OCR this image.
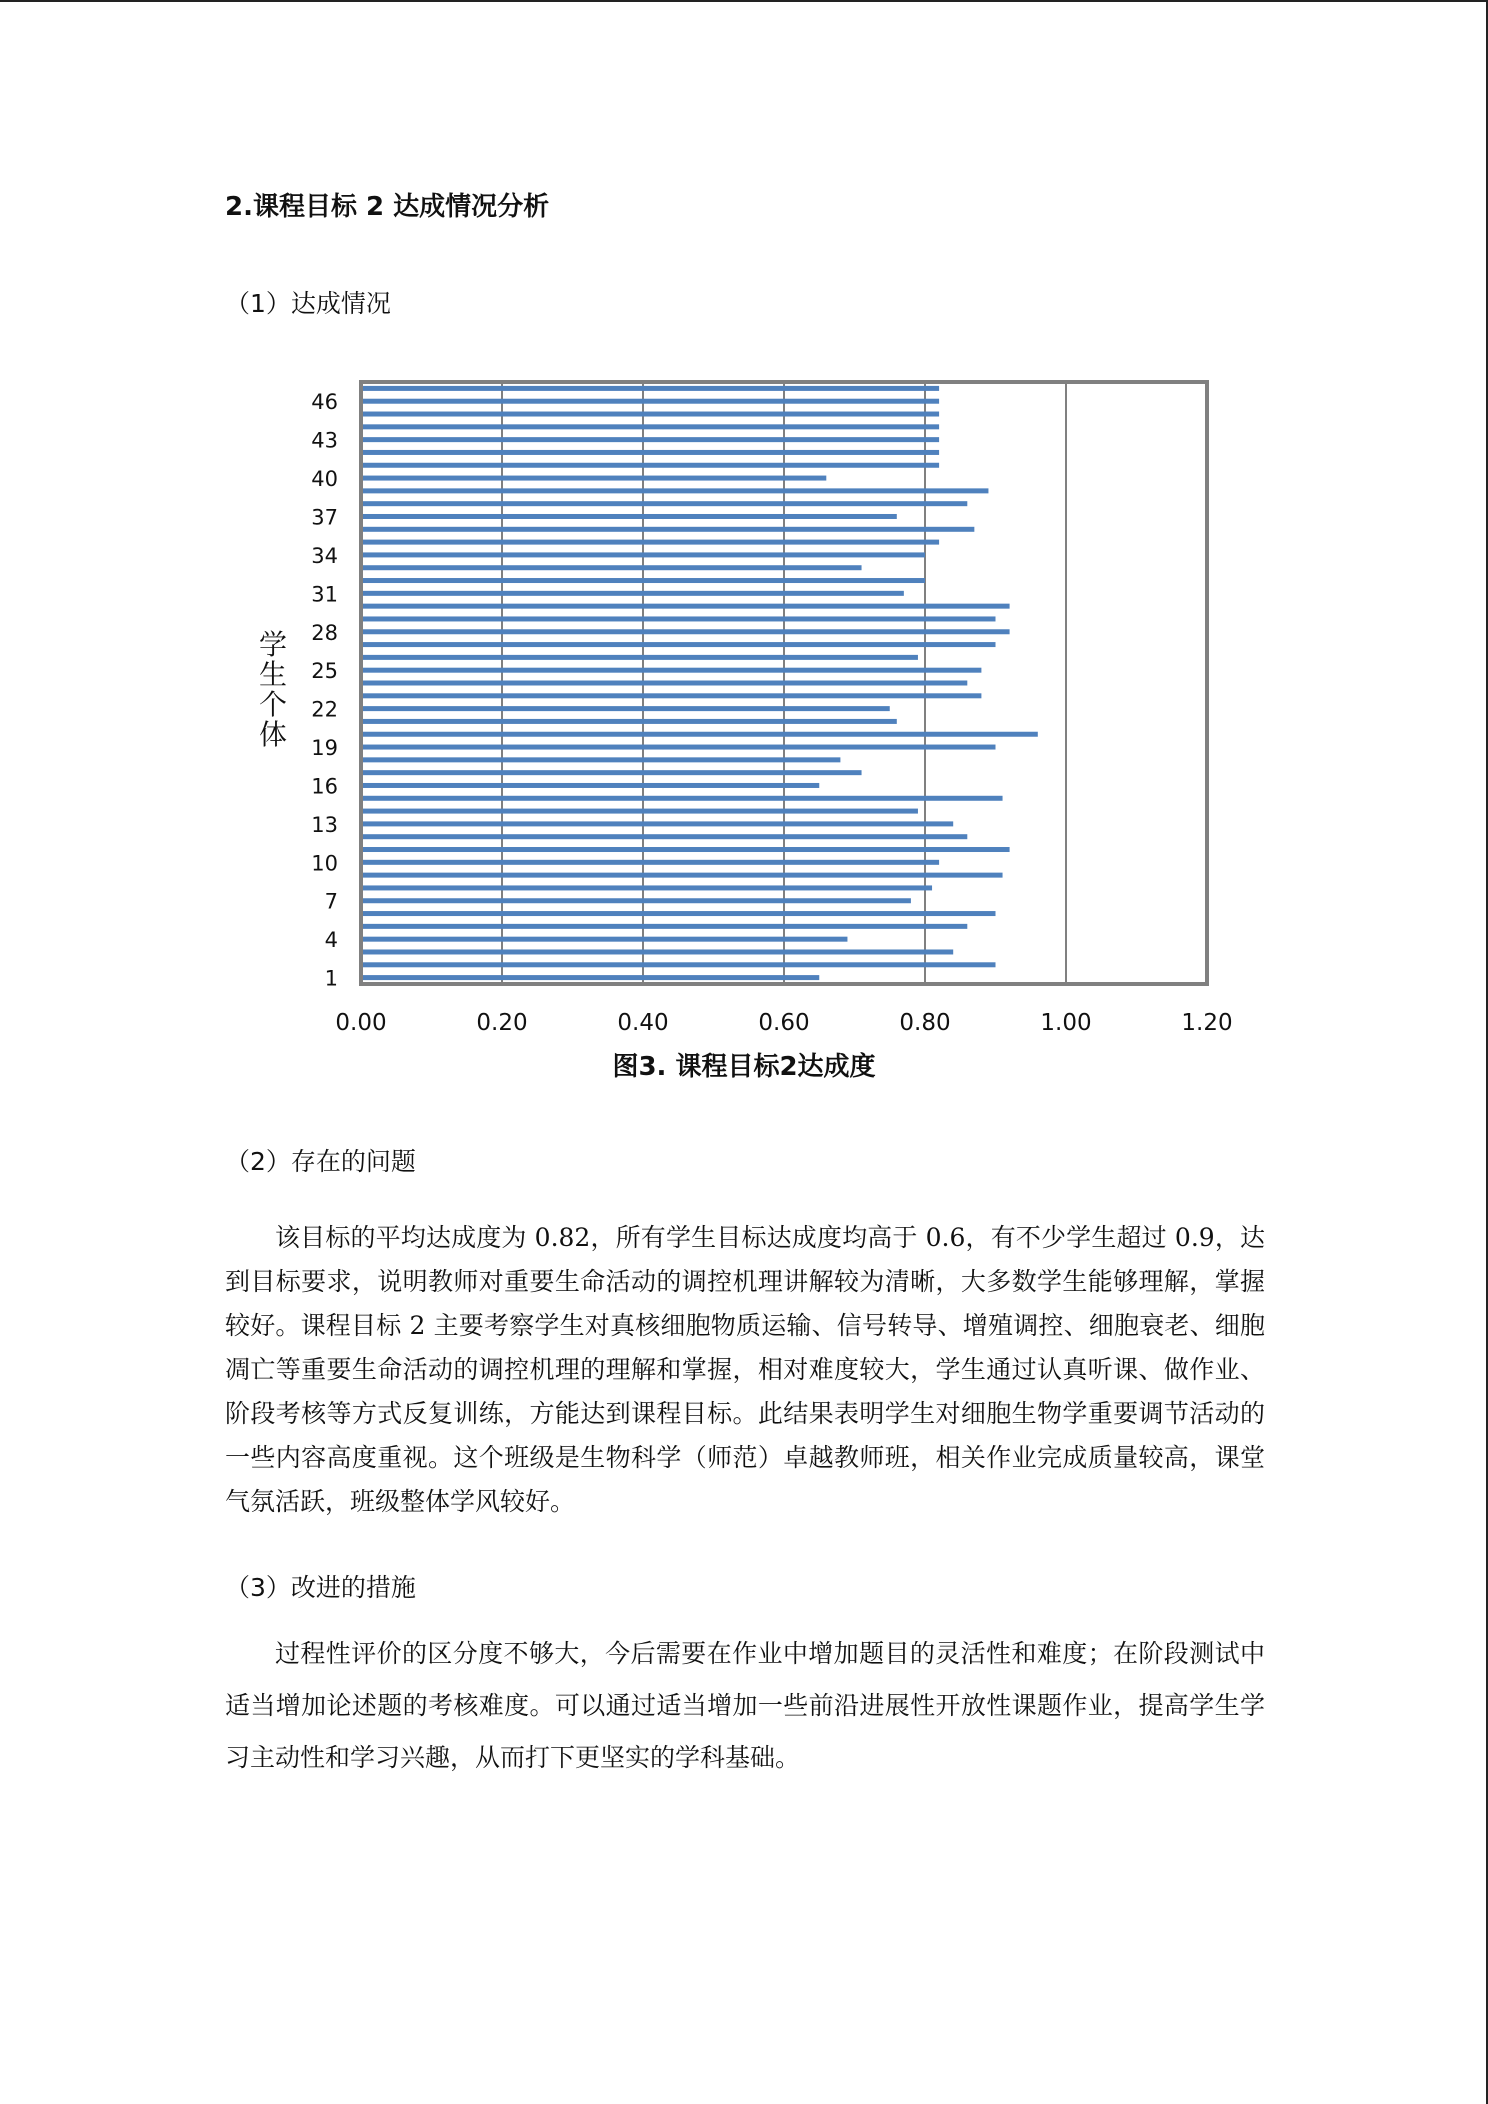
2.课程目标 2 达成情况分析
（1）达成情况
1
4
7
10
13
16
19
22
25
28
31
34
37
40
43
46
0.00	0.20	0.40	0.60	0.80	1.00	1.20
学生个体
图3. 课程目标2达成度
（2）存在的问题

该目标的平均达成度为 0.82，所有学生目标达成度均高于 0.6，有不少学生超过 0.9，达到目标要求，说明教师对重要生命活动的调控机理讲解较为清晰，大多数学生能够理解，掌握较好。课程目标 2 主要考察学生对真核细胞物质运输、信号转导、增殖调控、细胞衰老、细胞凋亡等重要生命活动的调控机理的理解和掌握，相对难度较大，学生通过认真听课、做作业、阶段考核等方式反复训练，方能达到课程目标。此结果表明学生对细胞生物学重要调节活动的一些内容高度重视。这个班级是生物科学（师范）卓越教师班，相关作业完成质量较高，课堂气氛活跃，班级整体学风较好。

（3）改进的措施

过程性评价的区分度不够大，今后需要在作业中增加题目的灵活性和难度；在阶段测试中适当增加论述题的考核难度。可以通过适当增加一些前沿进展性开放性课题作业，提高学生学习主动性和学习兴趣，从而打下更坚实的学科基础。
